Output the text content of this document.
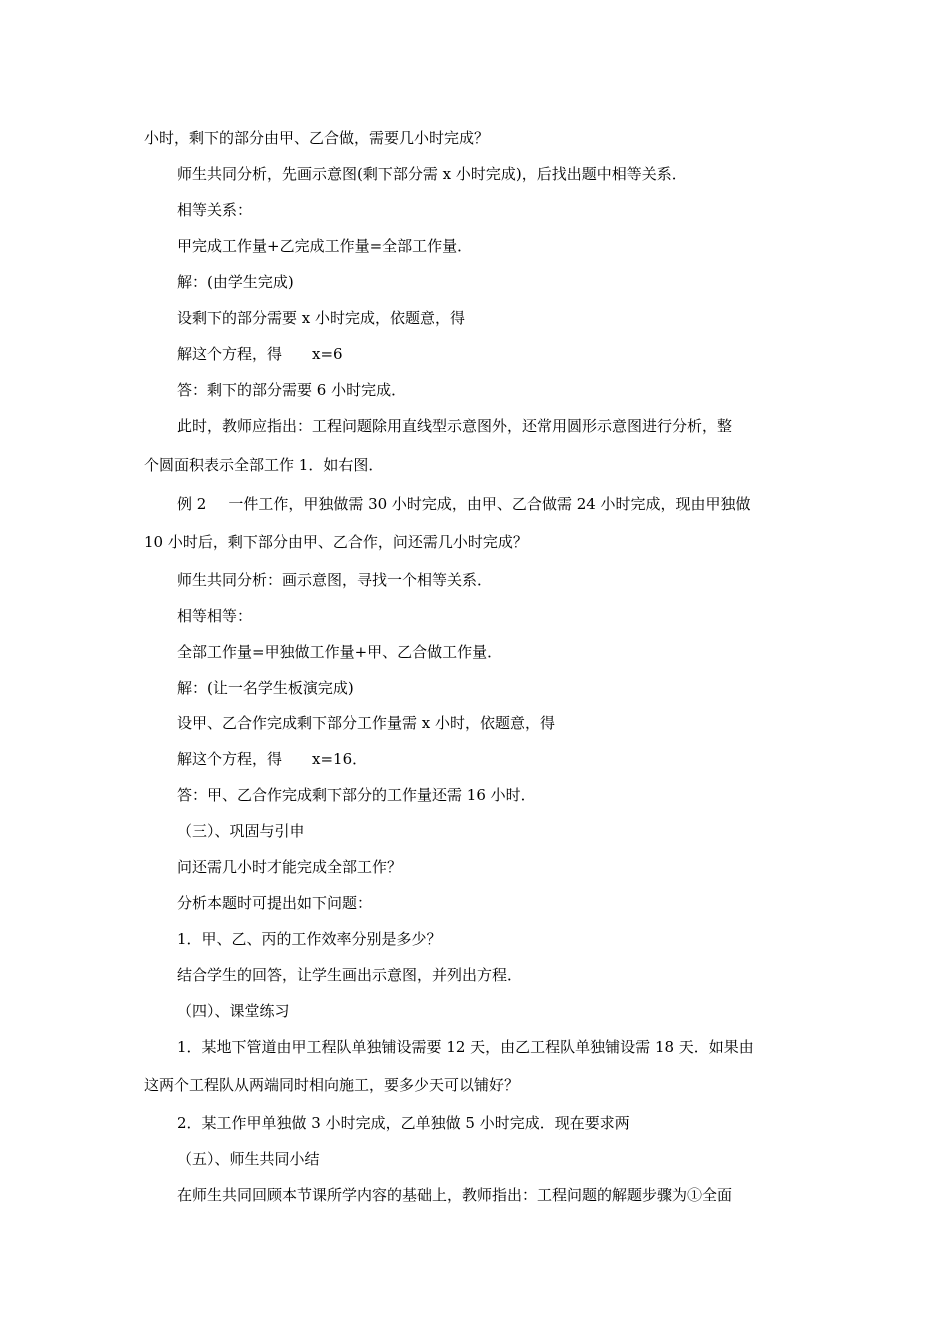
小时，剩下的部分由甲、乙合做，需要几小时完成？
师生共同分析，先画示意图(剩下部分需 x 小时完成)，后找出题中相等关系．
相等关系：
甲完成工作量+乙完成工作量=全部工作量．
解：(由学生完成)
设剩下的部分需要 x 小时完成，依题意，得
解这个方程，得 x=6
答：剩下的部分需要 6 小时完成．
此时，教师应指出：工程问题除用直线型示意图外，还常用圆形示意图进行分析，整
个圆面积表示全部工作 1．如右图．
例 2 一件工作，甲独做需 30 小时完成，由甲、乙合做需 24 小时完成，现由甲独做
10 小时后，剩下部分由甲、乙合作，问还需几小时完成？
师生共同分析：画示意图，寻找一个相等关系．
相等相等：
全部工作量=甲独做工作量+甲、乙合做工作量．
解：(让一名学生板演完成)
设甲、乙合作完成剩下部分工作量需 x 小时，依题意，得
解这个方程，得 x=16．
答：甲、乙合作完成剩下部分的工作量还需 16 小时．
（三）、巩固与引申
问还需几小时才能完成全部工作？
分析本题时可提出如下问题：
1．甲、乙、丙的工作效率分别是多少？
结合学生的回答，让学生画出示意图，并列出方程．
（四）、课堂练习
1．某地下管道由甲工程队单独铺设需要 12 天，由乙工程队单独铺设需 18 天．如果由
这两个工程队从两端同时相向施工，要多少天可以铺好？
2．某工作甲单独做 3 小时完成，乙单独做 5 小时完成．现在要求两
（五）、师生共同小结
在师生共同回顾本节课所学内容的基础上，教师指出：工程问题的解题步骤为①全面
